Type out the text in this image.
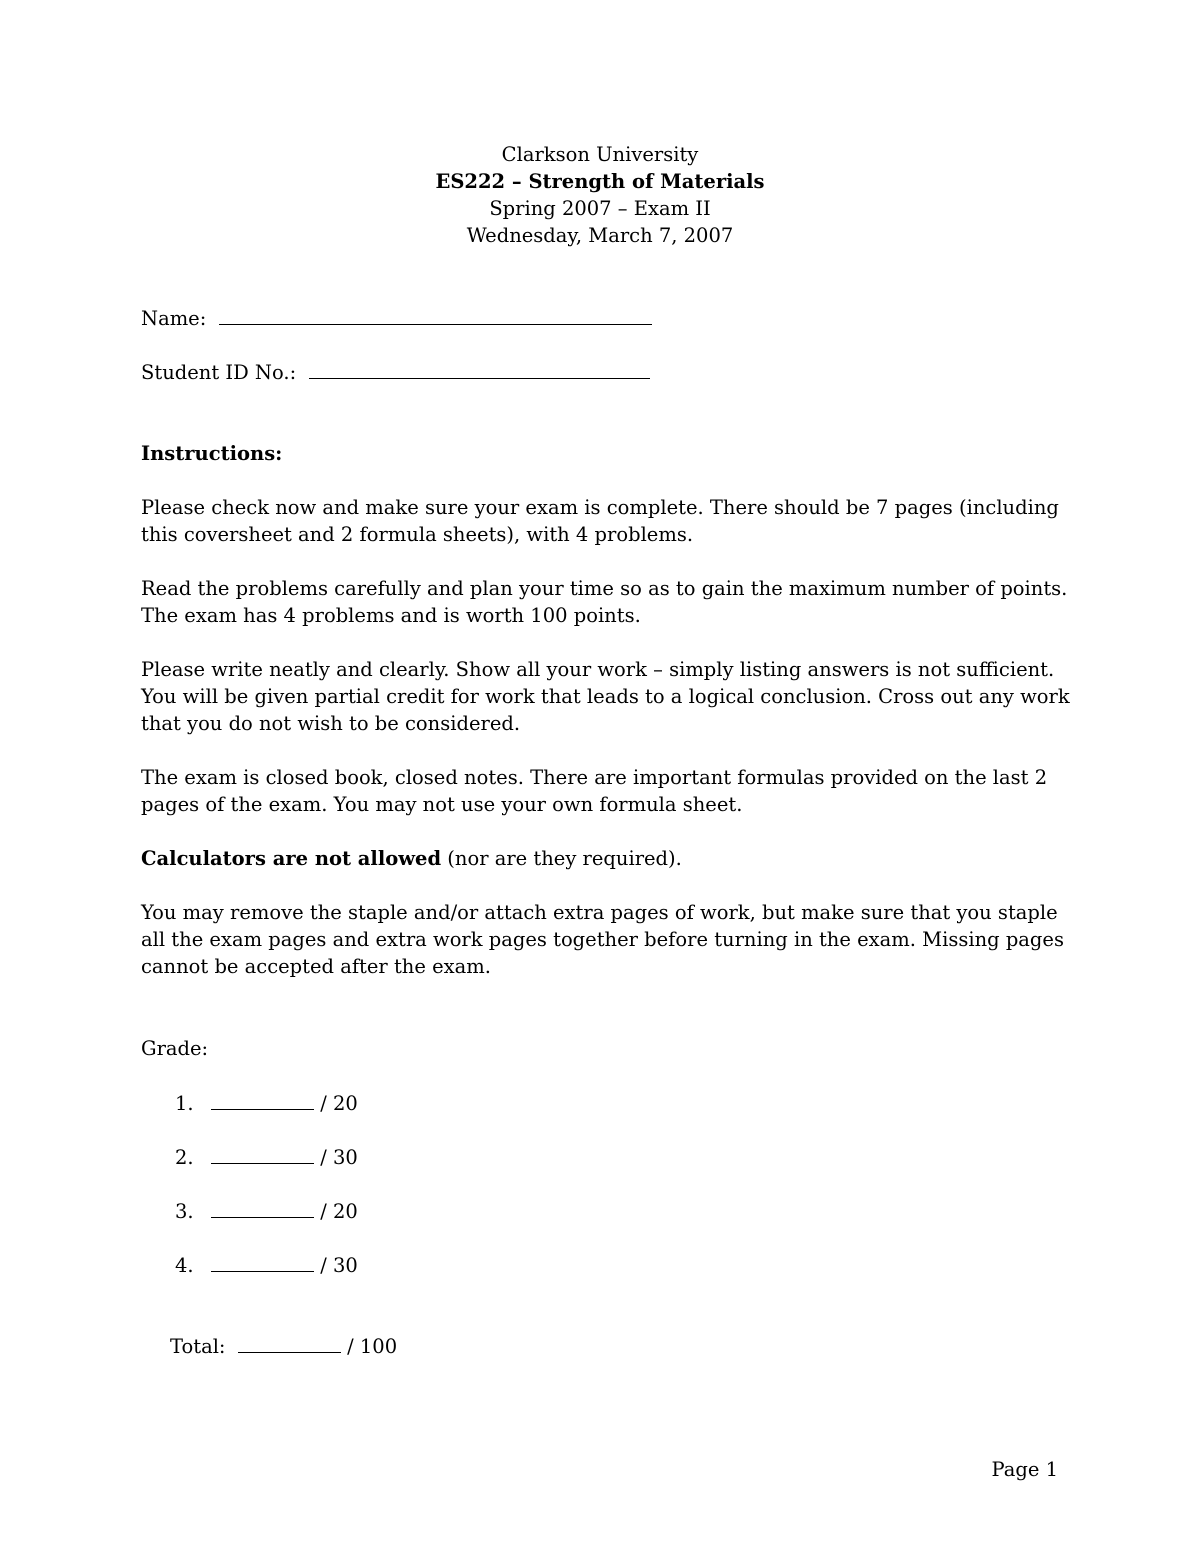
Clarkson University
ES222 – Strength of Materials
Spring 2007 – Exam II
Wednesday, March 7, 2007
Name:
Student ID No.:
Instructions:

Please check now and make sure your exam is complete. There should be 7 pages (including this coversheet and 2 formula sheets), with 4 problems.

Read the problems carefully and plan your time so as to gain the maximum number of points.

The exam has 4 problems and is worth 100 points.

Please write neatly and clearly. Show all your work – simply listing answers is not sufficient.

You will be given partial credit for work that leads to a logical conclusion. Cross out any work that you do not wish to be considered.

The exam is closed book, closed notes. There are important formulas provided on the last 2 pages of the exam. You may not use your own formula sheet.

Calculators are not allowed (nor are they required).

You may remove the staple and/or attach extra pages of work, but make sure that you staple all the exam pages and extra work pages together before turning in the exam. Missing pages cannot be accepted after the exam.

Grade:
1.	/ 20
2.	/ 30
3.	/ 20
4.	/ 30
Total:	/ 100
Page 1
